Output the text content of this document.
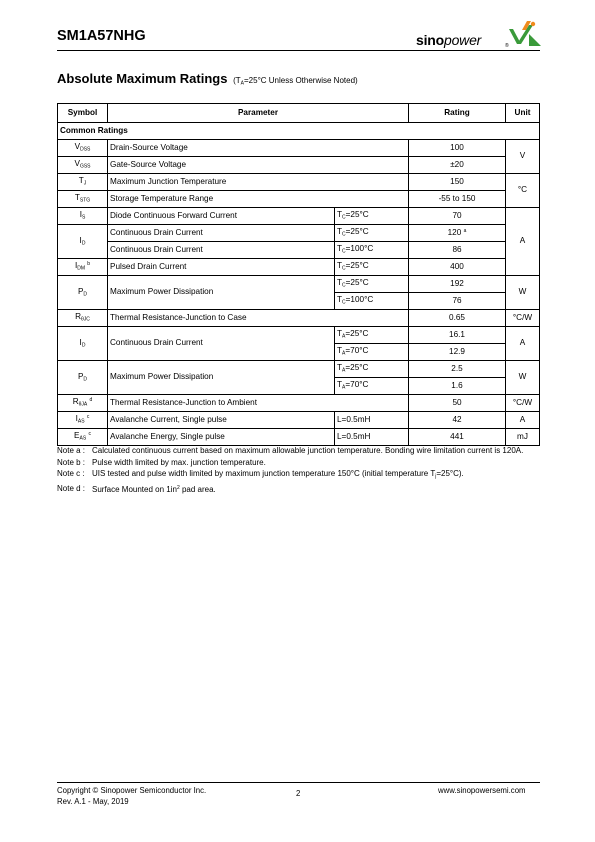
SM1A57NHG	sinopower	®
Absolute Maximum Ratings ($T_A=25^\circ C$ Unless Otherwise Noted)
Symbol	Parameter		Rating	Unit
Common Ratings				
$V_{DSS}$	Drain-Source Voltage		100	V
$V_{GSS}$	Gate-Source Voltage		±20	
$T_J$	Maximum Junction Temperature		150	°C
$T_{STG}$	Storage Temperature Range		-55 to 150	
$I_S$	Diode Continuous Forward Current	$T_C=25^\circ C$	70	A
$I_D$	Continuous Drain Current	$T_C=25^\circ C$	120 $^a$
	Continuous Drain Current	$T_C=100^\circ C$	86	
$I_{DM}$ $^b$	Pulsed Drain Current	$T_C=25^\circ C$	400	
$P_D$	Maximum Power Dissipation	$T_C=25^\circ C$	192	W
		$T_C=100^\circ C$	76	
$R_{\theta JC}$	Thermal Resistance-Junction to Case		0.65	°C/W
$I_D$	Continuous Drain Current	$T_A=25^\circ C$	16.1	A
		$T_A=70^\circ C$	12.9	
$P_D$	Maximum Power Dissipation	$T_A=25^\circ C$	2.5	W
		$T_A=70^\circ C$	1.6	
$R_{\theta JA}$ $^d$	Thermal Resistance-Junction to Ambient		50	°C/W
$I_{AS}$ $^c$	Avalanche Current, Single pulse	L=0.5mH	42	A
$E_{AS}$ $^c$	Avalanche Energy, Single pulse	L=0.5mH	441	mJ
Note a : Calculated continuous current based on maximum allowable junction temperature. Bonding wire limitation current is 120A.
Note b : Pulse width limited by max. junction temperature.
Note c : UIS tested and pulse width limited by maximum junction temperature 150°C (initial temperature $T_j=25^\circ C$).
Note d : Surface Mounted on $1in^2$ pad area.
Copyright © Sinopower Semiconductor Inc.
Rev. A.1 - May, 2019
2	www.sinopowersemi.com
